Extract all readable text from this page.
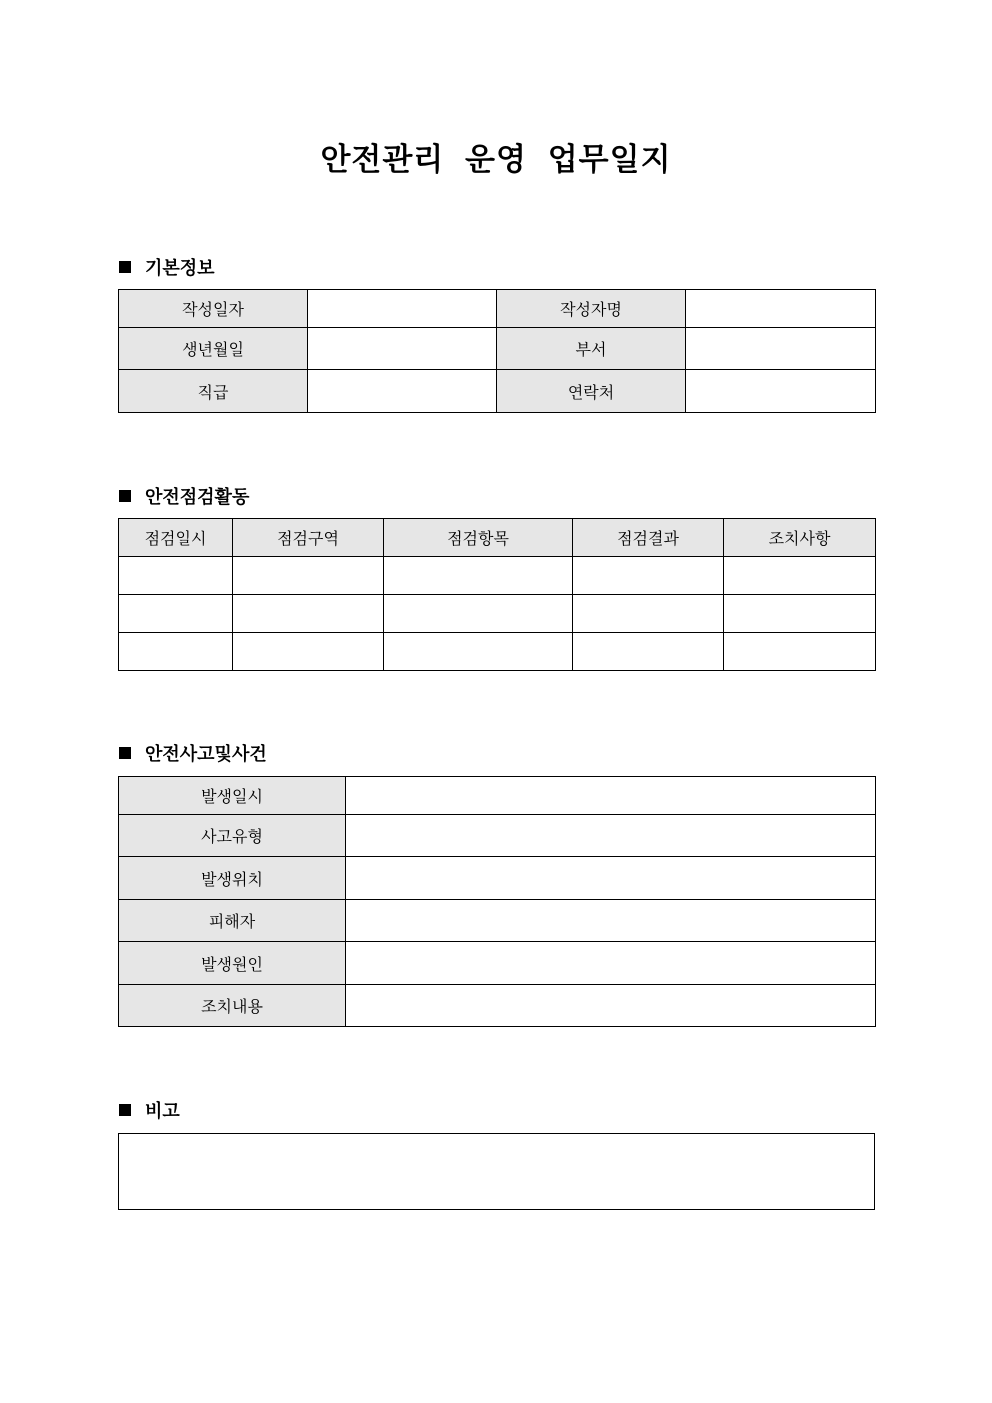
안전관리 운영 업무일지
기본정보
작성일자		작성자명	
생년월일		부서	
직급		연락처	
안전점검활동
점검일시	점검구역	점검항목	점검결과	조치사항

안전사고및사건
발생일시	
사고유형	
발생위치	
피해자	
발생원인	
조치내용	
비고
